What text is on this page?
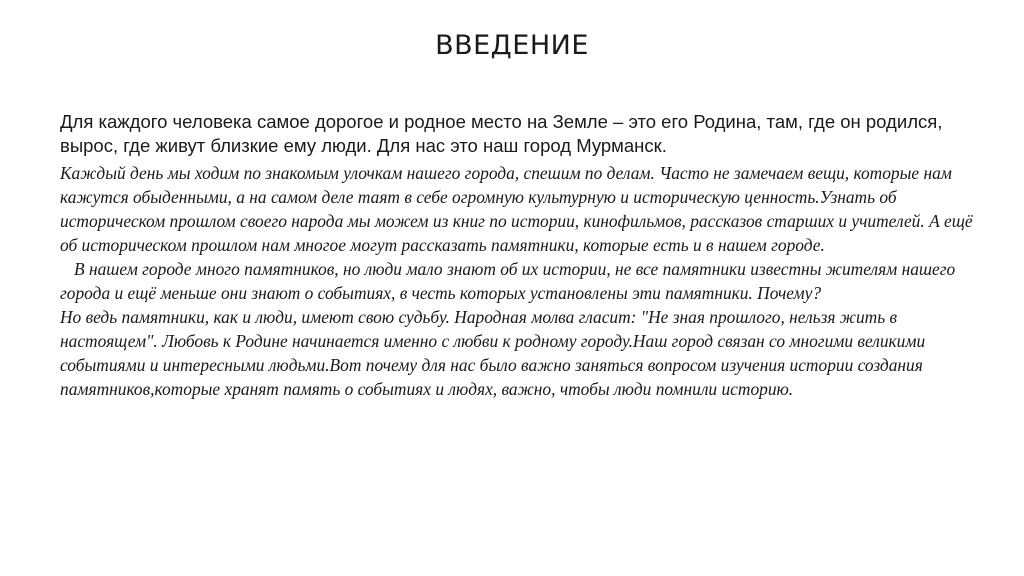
ВВЕДЕНИЕ

Для каждого человека самое дорогое и родное место на Земле – это его Родина, там, где он родился, вырос, где живут близкие ему люди. Для нас это наш город Мурманск.

Каждый день мы ходим по знакомым улочкам нашего города, спешим по делам. Часто не замечаем вещи, которые нам кажутся обыденными, а на самом деле таят в себе огромную культурную и историческую ценность.Узнать об историческом прошлом своего народа мы можем из книг по истории, кинофильмов, рассказов старших и учителей. А ещё об историческом прошлом нам многое могут рассказать памятники, которые есть и в нашем городе.

В нашем городе много памятников, но люди мало знают об их истории, не все памятники известны жителям нашего города и ещё меньше они знают о событиях, в честь которых установлены эти памятники. Почему?

Но ведь памятники, как и люди, имеют свою судьбу. Народная молва гласит: "Не зная прошлого, нельзя жить в настоящем". Любовь к Родине начинается именно с любви к родному городу.Наш город связан со многими великими событиями и интересными людьми.Вот почему для нас было важно заняться вопросом изучения истории создания памятников,которые хранят память о событиях и людях, важно, чтобы люди помнили историю.
